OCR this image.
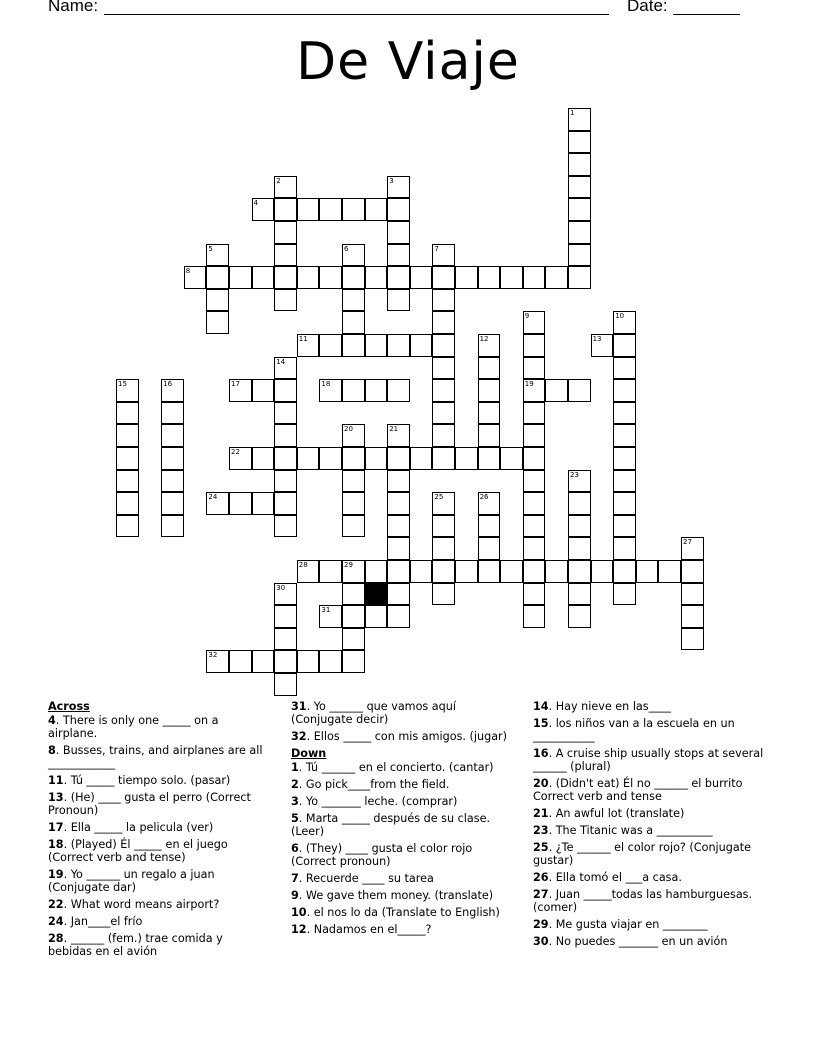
Name:	Date:
De Viaje
1
2	3
4
5	6	7
8
9	10
11	12	13
14
15	16	17	18	19
20	21
22
23
24	25	26
27
28	29
30
31
32
Across
4. There is only one _____ on a airplane.
8. Busses, trains, and airplanes are all ____________
11. Tú _____ tiempo solo. (pasar)
13. (He) ____ gusta el perro (Correct Pronoun)
17. Ella _____ la pelicula (ver)
18. (Played) Él _____ en el juego (Correct verb and tense)
19. Yo ______ un regalo a juan (Conjugate dar)
22. What word means airport?
24. Jan____el frío
28. ______ (fem.) trae comida y bebidas en el avión
31. Yo ______ que vamos aquí (Conjugate decir)
32. Ellos _____ con mis amigos. (jugar)
Down
1. Tú ______ en el concierto. (cantar)
2. Go pick____from the field.
3. Yo _______ leche. (comprar)
5. Marta _____ después de su clase. (Leer)
6. (They) ____ gusta el color rojo (Correct pronoun)
7. Recuerde ____ su tarea
9. We gave them money. (translate)
10. el nos lo da (Translate to English)
12. Nadamos en el_____?
14. Hay nieve en las____
15. los niños van a la escuela en un ___________
16. A cruise ship usually stops at several ______ (plural)
20. (Didn't eat) Él no ______ el burrito Correct verb and tense
21. An awful lot (translate)
23. The Titanic was a __________
25. ¿Te ______ el color rojo? (Conjugate gustar)
26. Ella tomó el ___a casa.
27. Juan _____todas las hamburguesas. (comer)
29. Me gusta viajar en ________
30. No puedes _______ en un avión
